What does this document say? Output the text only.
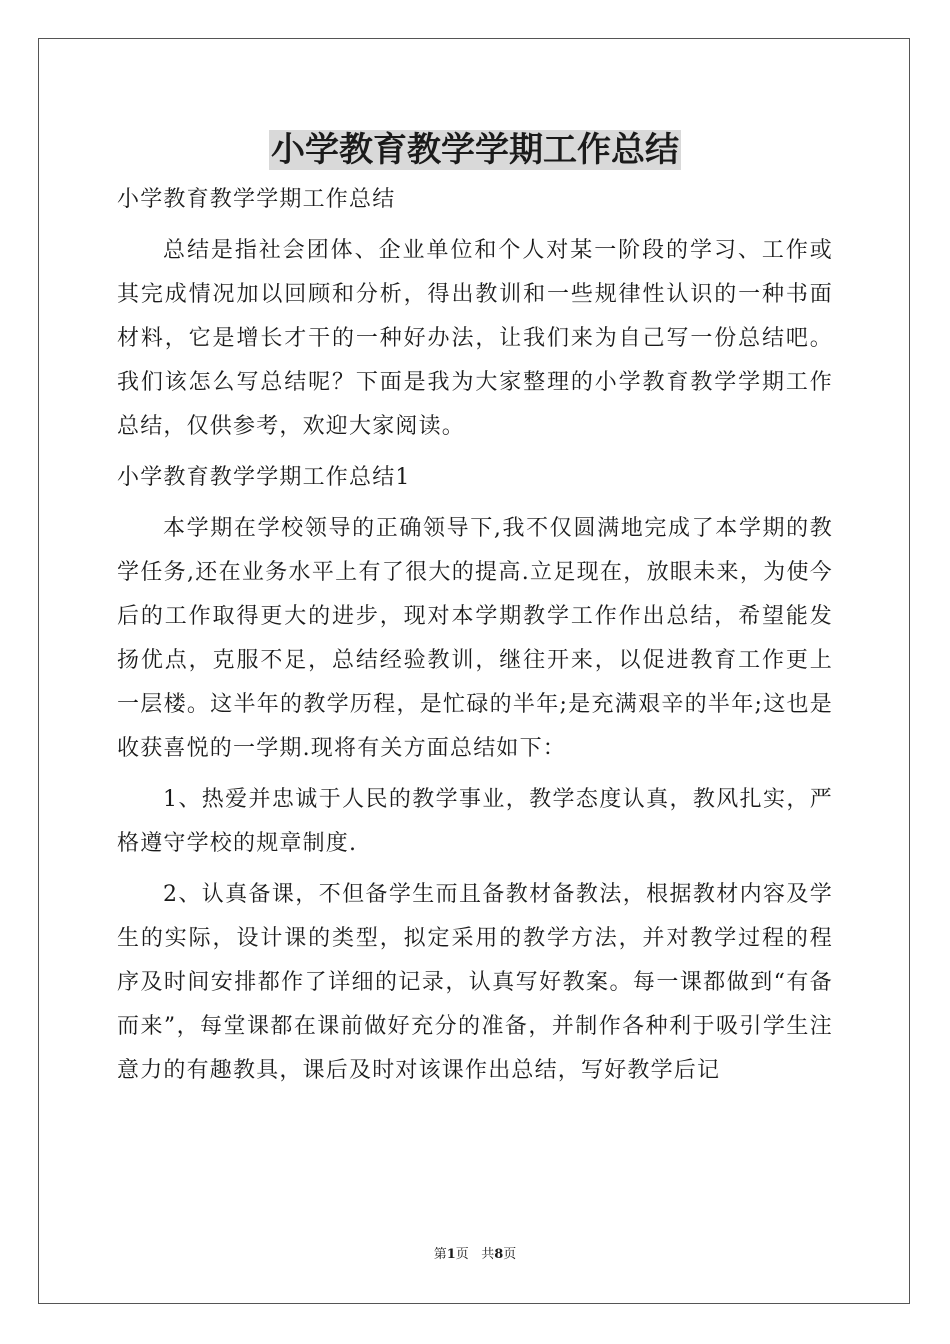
小学教育教学学期工作总结

小学教育教学学期工作总结

总结是指社会团体、企业单位和个人对某一阶段的学习、工作或其完成情况加以回顾和分析，得出教训和一些规律性认识的一种书面材料，它是增长才干的一种好办法，让我们来为自己写一份总结吧。我们该怎么写总结呢？下面是我为大家整理的小学教育教学学期工作总结，仅供参考，欢迎大家阅读。

小学教育教学学期工作总结1

本学期在学校领导的正确领导下,我不仅圆满地完成了本学期的教学任务,还在业务水平上有了很大的提高.立足现在，放眼未来，为使今后的工作取得更大的进步，现对本学期教学工作作出总结，希望能发扬优点，克服不足，总结经验教训，继往开来，以促进教育工作更上一层楼。这半年的教学历程，是忙碌的半年;是充满艰辛的半年;这也是收获喜悦的一学期.现将有关方面总结如下：

1、热爱并忠诚于人民的教学事业，教学态度认真，教风扎实，严格遵守学校的规章制度.

2、认真备课，不但备学生而且备教材备教法，根据教材内容及学生的实际，设计课的类型，拟定采用的教学方法，并对教学过程的程序及时间安排都作了详细的记录，认真写好教案。每一课都做到“有备而来”，每堂课都在课前做好充分的准备，并制作各种利于吸引学生注意力的有趣教具，课后及时对该课作出总结，写好教学后记

第1页 共8页
